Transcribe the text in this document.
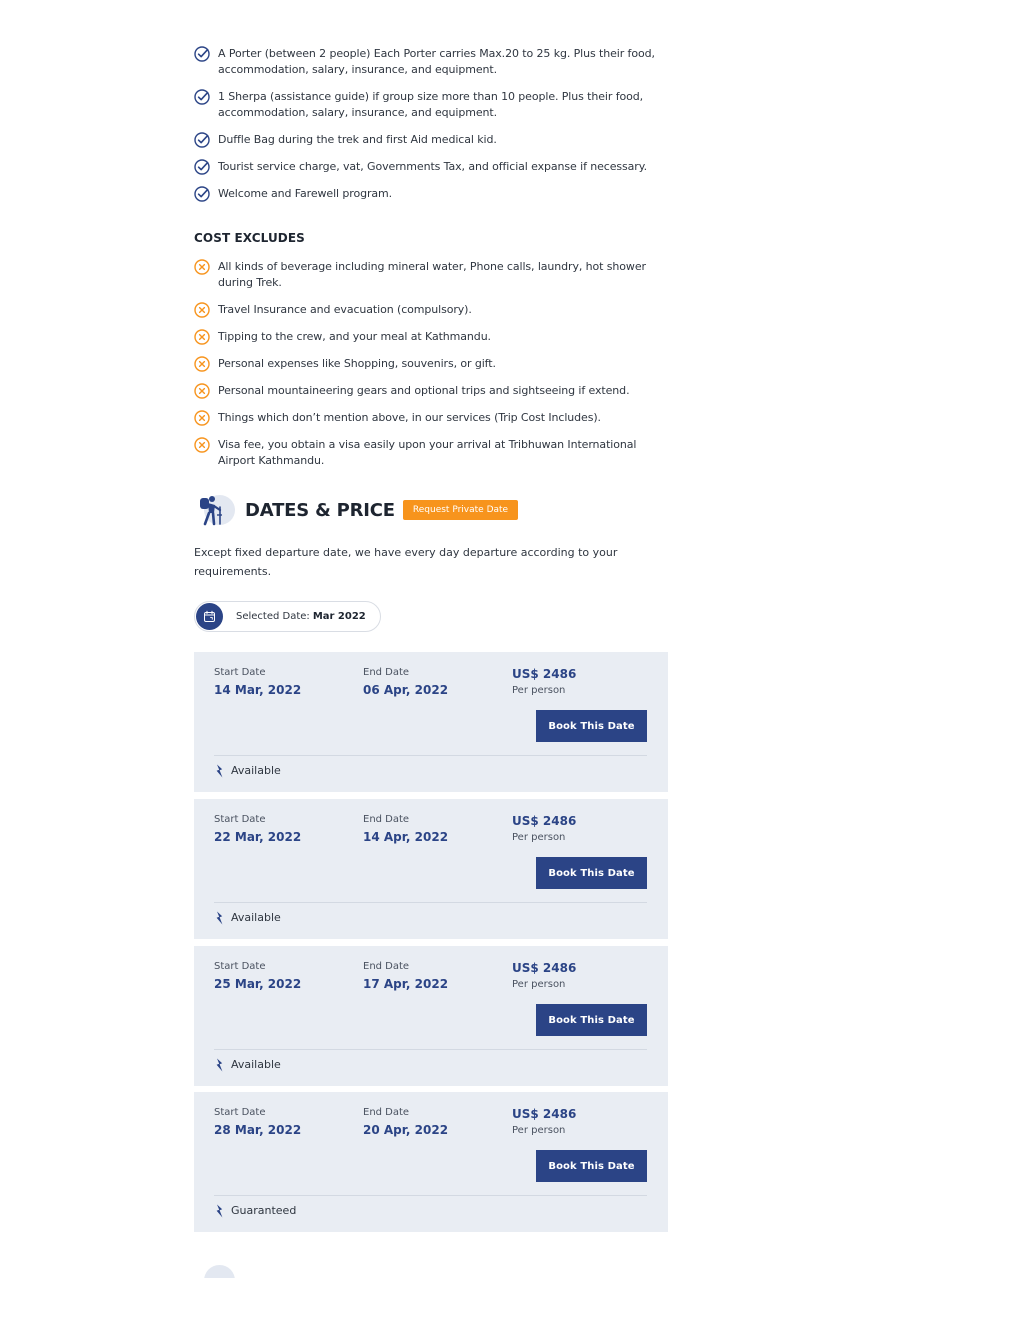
A Porter (between 2 people) Each Porter carries Max.20 to 25 kg. Plus their food, accommodation, salary, insurance, and equipment.
1 Sherpa (assistance guide) if group size more than 10 people. Plus their food, accommodation, salary, insurance, and equipment.
Duffle Bag during the trek and first Aid medical kid.
Tourist service charge, vat, Governments Tax, and official expanse if necessary.
Welcome and Farewell program.
COST EXCLUDES
All kinds of beverage including mineral water, Phone calls, laundry, hot shower during Trek.
Travel Insurance and evacuation (compulsory).
Tipping to the crew, and your meal at Kathmandu.
Personal expenses like Shopping, souvenirs, or gift.
Personal mountaineering gears and optional trips and sightseeing if extend.
Things which don’t mention above, in our services (Trip Cost Includes).
Visa fee, you obtain a visa easily upon your arrival at Tribhuwan International Airport Kathmandu.
DATES & PRICE	Request Private Date

Except fixed departure date, we have every day departure according to your requirements.

Selected Date: Mar 2022
Start Date
14 Mar, 2022
End Date
06 Apr, 2022
US$ 2486
Per person
Book This Date
Available
Start Date
22 Mar, 2022
End Date
14 Apr, 2022
US$ 2486
Per person
Book This Date
Available
Start Date
25 Mar, 2022
End Date
17 Apr, 2022
US$ 2486
Per person
Book This Date
Available
Start Date
28 Mar, 2022
End Date
20 Apr, 2022
US$ 2486
Per person
Book This Date
Guaranteed
